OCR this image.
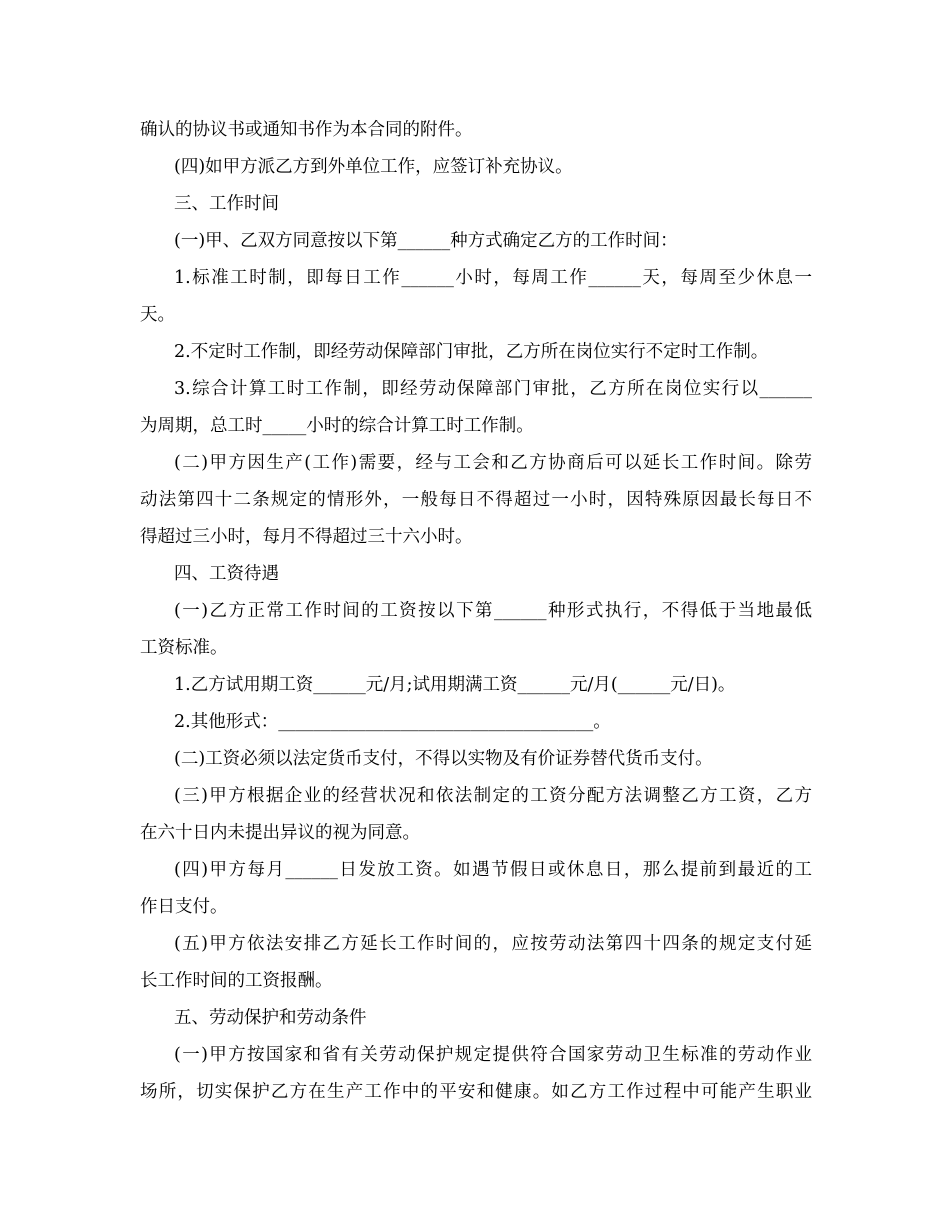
确认的协议书或通知书作为本合同的附件。
(四)如甲方派乙方到外单位工作，应签订补充协议。
三、工作时间
(一)甲、乙双方同意按以下第______种方式确定乙方的工作时间：
1.标准工时制，即每日工作______小时，每周工作______天，每周至少休息一
天。
2.不定时工作制，即经劳动保障部门审批，乙方所在岗位实行不定时工作制。
3.综合计算工时工作制，即经劳动保障部门审批，乙方所在岗位实行以______
为周期，总工时_____小时的综合计算工时工作制。
(二)甲方因生产(工作)需要，经与工会和乙方协商后可以延长工作时间。除劳
动法第四十二条规定的情形外，一般每日不得超过一小时，因特殊原因最长每日不
得超过三小时，每月不得超过三十六小时。
四、工资待遇
(一)乙方正常工作时间的工资按以下第______种形式执行，不得低于当地最低
工资标准。
1.乙方试用期工资______元/月;试用期满工资______元/月(______元/日)。
2.其他形式：____________________________________。
(二)工资必须以法定货币支付，不得以实物及有价证券替代货币支付。
(三)甲方根据企业的经营状况和依法制定的工资分配方法调整乙方工资，乙方
在六十日内未提出异议的视为同意。
(四)甲方每月______日发放工资。如遇节假日或休息日，那么提前到最近的工
作日支付。
(五)甲方依法安排乙方延长工作时间的，应按劳动法第四十四条的规定支付延
长工作时间的工资报酬。
五、劳动保护和劳动条件
(一)甲方按国家和省有关劳动保护规定提供符合国家劳动卫生标准的劳动作业
场所，切实保护乙方在生产工作中的平安和健康。如乙方工作过程中可能产生职业
